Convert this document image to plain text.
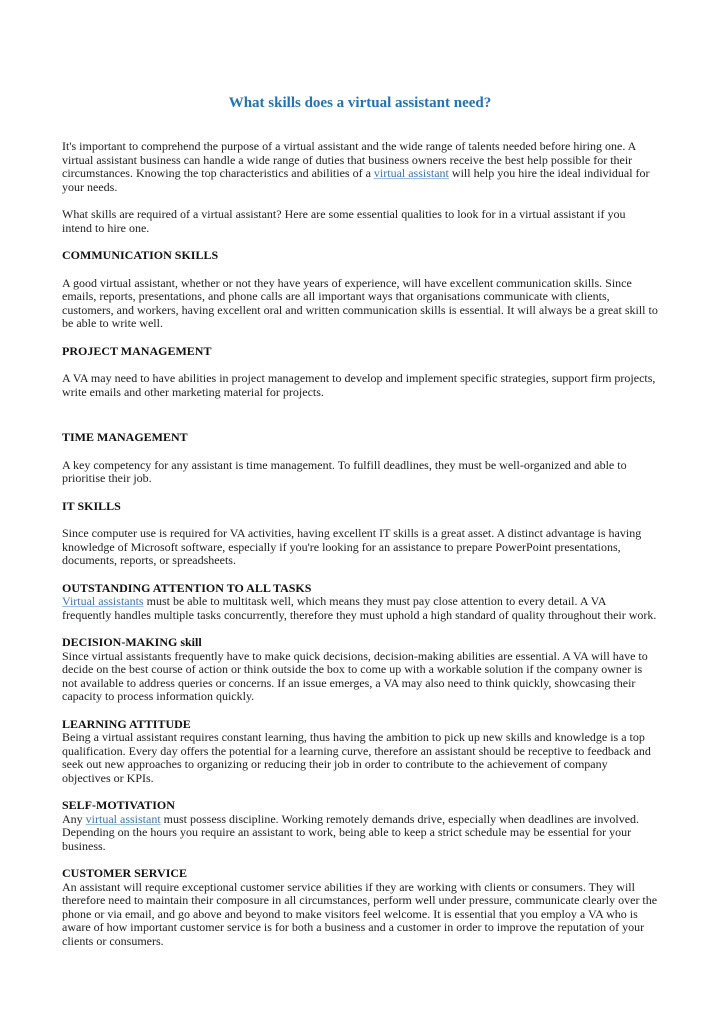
What skills does a virtual assistant need?

It's important to comprehend the purpose of a virtual assistant and the wide range of talents needed before hiring one. A virtual assistant business can handle a wide range of duties that business owners receive the best help possible for their circumstances. Knowing the top characteristics and abilities of a virtual assistant will help you hire the ideal individual for your needs.

What skills are required of a virtual assistant? Here are some essential qualities to look for in a virtual assistant if you intend to hire one.

COMMUNICATION SKILLS

A good virtual assistant, whether or not they have years of experience, will have excellent communication skills. Since emails, reports, presentations, and phone calls are all important ways that organisations communicate with clients, customers, and workers, having excellent oral and written communication skills is essential. It will always be a great skill to be able to write well.

PROJECT MANAGEMENT

A VA may need to have abilities in project management to develop and implement specific strategies, support firm projects, write emails and other marketing material for projects.

TIME MANAGEMENT

A key competency for any assistant is time management. To fulfill deadlines, they must be well-organized and able to prioritise their job.

IT SKILLS

Since computer use is required for VA activities, having excellent IT skills is a great asset. A distinct advantage is having knowledge of Microsoft software, especially if you're looking for an assistance to prepare PowerPoint presentations, documents, reports, or spreadsheets.

OUTSTANDING ATTENTION TO ALL TASKS

Virtual assistants must be able to multitask well, which means they must pay close attention to every detail. A VA frequently handles multiple tasks concurrently, therefore they must uphold a high standard of quality throughout their work.

DECISION-MAKING skill

Since virtual assistants frequently have to make quick decisions, decision-making abilities are essential. A VA will have to decide on the best course of action or think outside the box to come up with a workable solution if the company owner is not available to address queries or concerns. If an issue emerges, a VA may also need to think quickly, showcasing their capacity to process information quickly.

LEARNING ATTITUDE

Being a virtual assistant requires constant learning, thus having the ambition to pick up new skills and knowledge is a top qualification. Every day offers the potential for a learning curve, therefore an assistant should be receptive to feedback and seek out new approaches to organizing or reducing their job in order to contribute to the achievement of company objectives or KPIs.

SELF-MOTIVATION

Any virtual assistant must possess discipline. Working remotely demands drive, especially when deadlines are involved. Depending on the hours you require an assistant to work, being able to keep a strict schedule may be essential for your business.

CUSTOMER SERVICE

An assistant will require exceptional customer service abilities if they are working with clients or consumers. They will therefore need to maintain their composure in all circumstances, perform well under pressure, communicate clearly over the phone or via email, and go above and beyond to make visitors feel welcome. It is essential that you employ a VA who is aware of how important customer service is for both a business and a customer in order to improve the reputation of your clients or consumers.
